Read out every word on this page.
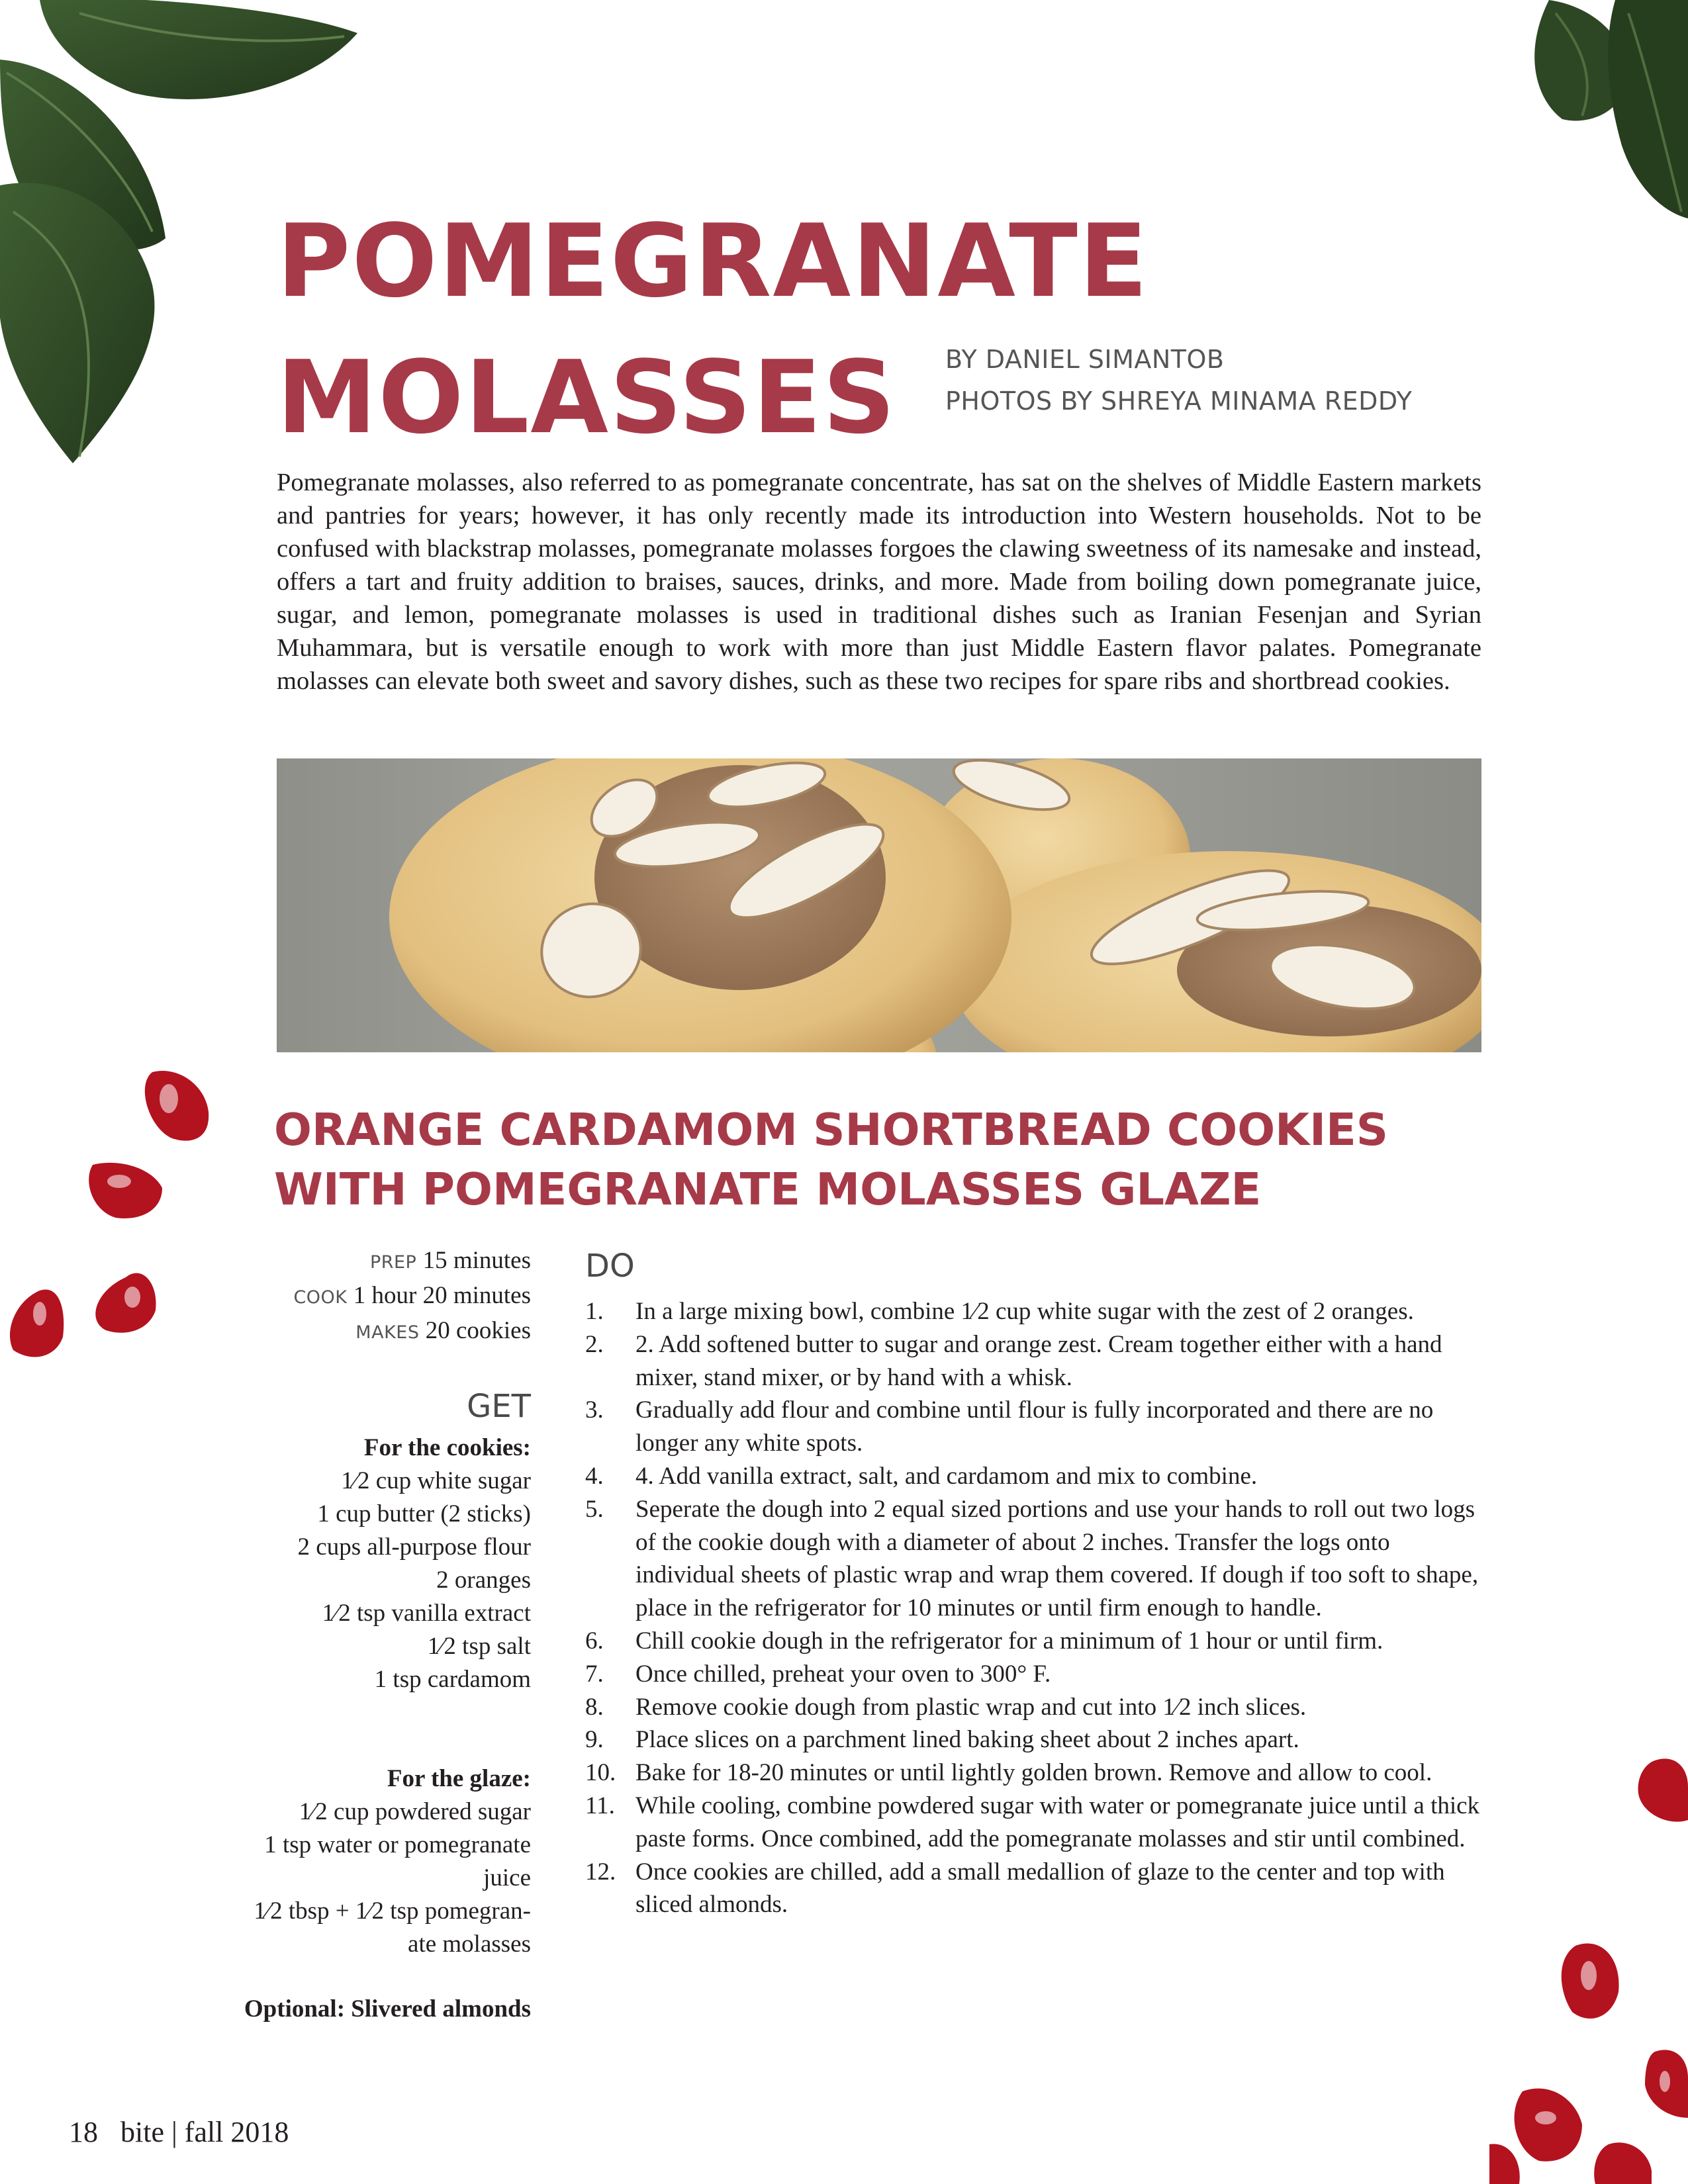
POMEGRANATE
MOLASSES	BY DANIEL SIMANTOB
PHOTOS BY SHREYA MINAMA REDDY

Pomegranate molasses, also referred to as pomegranate concentrate, has sat on the shelves of Middle Eastern markets and pantries for years; however, it has only recently made its introduction into Western households. Not to be confused with blackstrap molasses, pomegranate molasses forgoes the clawing sweetness of its namesake and instead, offers a tart and fruity addition to braises, sauces, drinks, and more. Made from boiling down pomegranate juice, sugar, and lemon, pomegranate molasses is used in traditional dishes such as Iranian Fesenjan and Syrian Muhammara, but is versatile enough to work with more than just Middle Eastern flavor palates. Pomegranate molasses can elevate both sweet and savory dishes, such as these two recipes for spare ribs and shortbread cookies.

ORANGE CARDAMOM SHORTBREAD COOKIES
WITH POMEGRANATE MOLASSES GLAZE
PREP 15 minutes
COOK 1 hour 20 minutes
MAKES 20 cookies
GET
For the cookies:
1⁄2 cup white sugar
1 cup butter (2 sticks)
2 cups all-purpose flour
2 oranges
1⁄2 tsp vanilla extract
1⁄2 tsp salt
1 tsp cardamom
For the glaze:
1⁄2 cup powdered sugar
1 tsp water or pomegranate
juice
1⁄2 tbsp + 1⁄2 tsp pomegran-
ate molasses
Optional: Slivered almonds
DO
1. In a large mixing bowl, combine 1⁄2 cup white sugar with the zest of 2 oranges.
2. 2. Add softened butter to sugar and orange zest. Cream together either with a hand mixer, stand mixer, or by hand with a whisk.
3. Gradually add flour and combine until flour is fully incorporated and there are no longer any white spots.
4. 4. Add vanilla extract, salt, and cardamom and mix to combine.
5. Seperate the dough into 2 equal sized portions and use your hands to roll out two logs of the cookie dough with a diameter of about 2 inches. Transfer the logs onto individual sheets of plastic wrap and wrap them covered. If dough if too soft to shape, place in the refrigerator for 10 minutes or until firm enough to handle.
6. Chill cookie dough in the refrigerator for a minimum of 1 hour or until firm.
7. Once chilled, preheat your oven to 300° F.
8. Remove cookie dough from plastic wrap and cut into 1⁄2 inch slices.
9. Place slices on a parchment lined baking sheet about 2 inches apart.
10. Bake for 18-20 minutes or until lightly golden brown. Remove and allow to cool.
11. While cooling, combine powdered sugar with water or pomegranate juice until a thick paste forms. Once combined, add the pomegranate molasses and stir until combined.
12. Once cookies are chilled, add a small medallion of glaze to the center and top with sliced almonds.
18 bite | fall 2018
